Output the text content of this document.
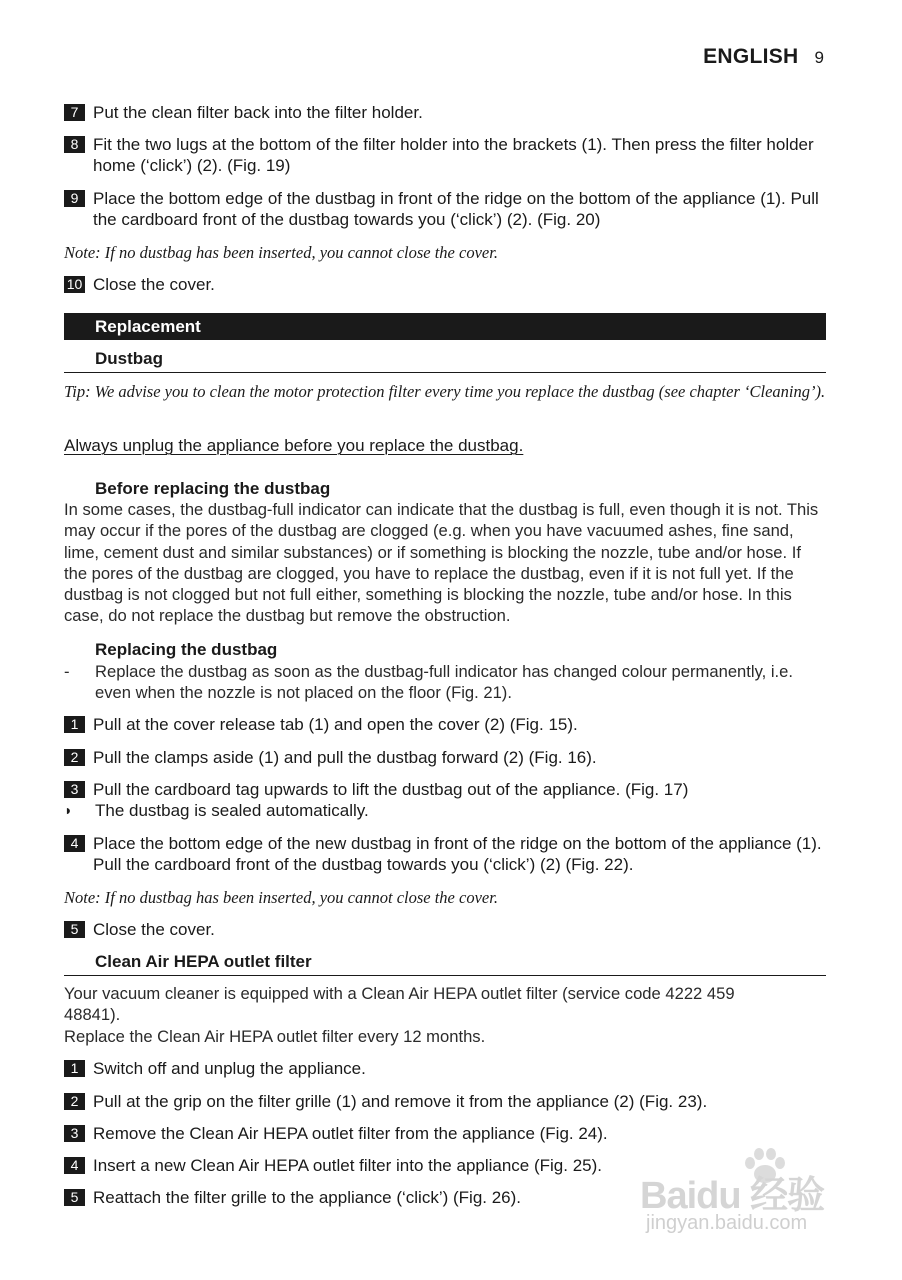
ENGLISH 9
7 Put the clean filter back into the filter holder.
8 Fit the two lugs at the bottom of the filter holder into the brackets (1). Then press the filter holder home (‘click’) (2). (Fig. 19)
9 Place the bottom edge of the dustbag in front of the ridge on the bottom of the appliance (1). Pull the cardboard front of the dustbag towards you (‘click’) (2). (Fig. 20)
Note: If no dustbag has been inserted, you cannot close the cover.
10 Close the cover.
Replacement
Dustbag
Tip: We advise you to clean the motor protection filter every time you replace the dustbag (see chapter ‘Cleaning’).
Always unplug the appliance before you replace the dustbag.
Before replacing the dustbag
In some cases, the dustbag-full indicator can indicate that the dustbag is full, even though it is not. This may occur if the pores of the dustbag are clogged (e.g. when you have vacuumed ashes, fine sand, lime, cement dust and similar substances) or if something is blocking the nozzle, tube and/or hose. If the pores of the dustbag are clogged, you have to replace the dustbag, even if it is not full yet. If the dustbag is not clogged but not full either, something is blocking the nozzle, tube and/or hose. In this case, do not replace the dustbag but remove the obstruction.
Replacing the dustbag
-	Replace the dustbag as soon as the dustbag-full indicator has changed colour permanently, i.e. even when the nozzle is not placed on the floor (Fig. 21).
1 Pull at the cover release tab (1) and open the cover (2) (Fig. 15).
2 Pull the clamps aside (1) and pull the dustbag forward (2) (Fig. 16).
3 Pull the cardboard tag upwards to lift the dustbag out of the appliance. (Fig. 17)
◗	The dustbag is sealed automatically.
4 Place the bottom edge of the new dustbag in front of the ridge on the bottom of the appliance (1). Pull the cardboard front of the dustbag towards you (‘click’) (2) (Fig. 22).
Note: If no dustbag has been inserted, you cannot close the cover.
5 Close the cover.
Clean Air HEPA outlet filter
Your vacuum cleaner is equipped with a Clean Air HEPA outlet filter (service code 4222 459 48841).
Replace the Clean Air HEPA outlet filter every 12 months.
1 Switch off and unplug the appliance.
2 Pull at the grip on the filter grille (1) and remove it from the appliance (2) (Fig. 23).
3 Remove the Clean Air HEPA outlet filter from the appliance (Fig. 24).
4 Insert a new Clean Air HEPA outlet filter into the appliance (Fig. 25).
5 Reattach the filter grille to the appliance (‘click’) (Fig. 26).	Baidu 经验
jingyan.baidu.com
